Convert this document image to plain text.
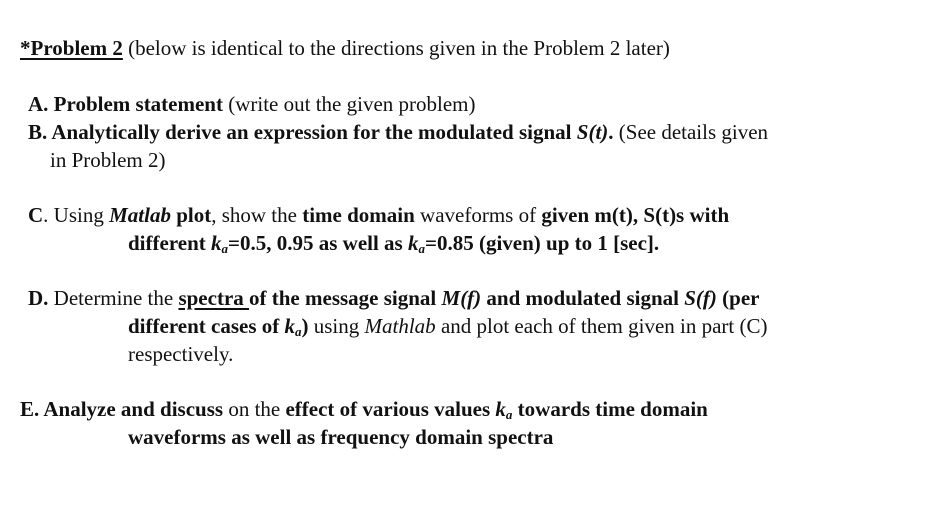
*Problem 2 (below is identical to the directions given in the Problem 2 later)
A. Problem statement (write out the given problem)
B. Analytically derive an expression for the modulated signal S(t). (See details given
in Problem 2)
C. Using Matlab plot, show the time domain waveforms of given m(t), S(t)s with
different $k_a=0.5$, 0.95 as well as $k_a=0.85$ (given) up to 1 [sec].
D. Determine the spectra of the message signal M(f) and modulated signal S(f) (per
different cases of $k_a$) using Mathlab and plot each of them given in part (C)
respectively.
E. Analyze and discuss on the effect of various values $k_a$ towards time domain
waveforms as well as frequency domain spectra
